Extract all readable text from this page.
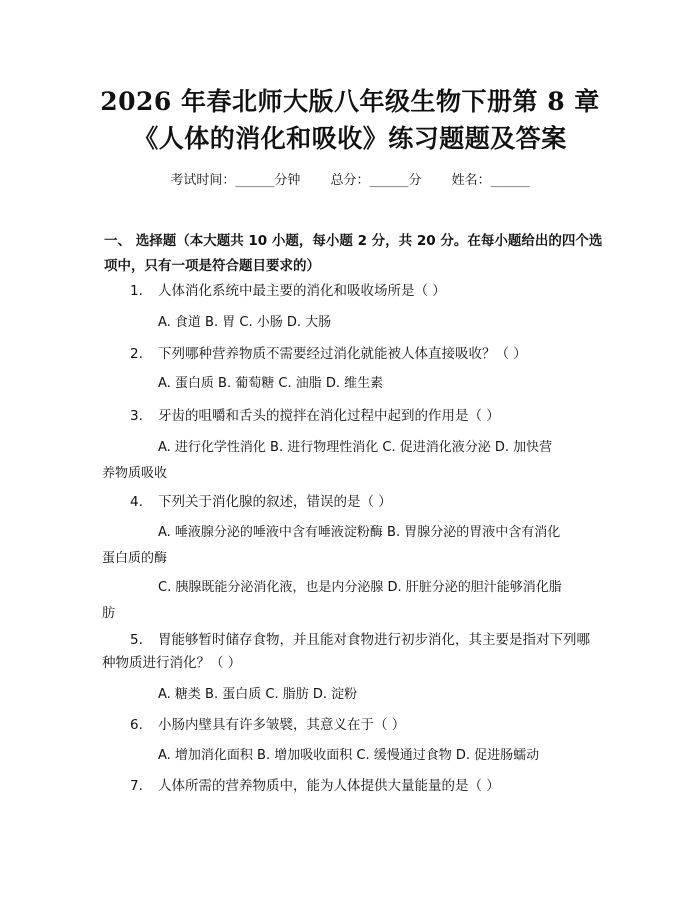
2026 年春北师大版八年级生物下册第 8 章
《人体的消化和吸收》练习题题及答案
考试时间：______分钟 总分：______分 姓名：______
一、 选择题（本大题共 10 小题，每小题 2 分，共 20 分。在每小题给出的四个选项中，只有一项是符合题目要求的）
1. 人体消化系统中最主要的消化和吸收场所是（ ）
A. 食道 B. 胃 C. 小肠 D. 大肠
2. 下列哪种营养物质不需要经过消化就能被人体直接吸收？（ ）
A. 蛋白质 B. 葡萄糖 C. 油脂 D. 维生素
3. 牙齿的咀嚼和舌头的搅拌在消化过程中起到的作用是（ ）
A. 进行化学性消化 B. 进行物理性消化 C. 促进消化液分泌 D. 加快营
养物质吸收
4. 下列关于消化腺的叙述，错误的是（ ）
A. 唾液腺分泌的唾液中含有唾液淀粉酶 B. 胃腺分泌的胃液中含有消化
蛋白质的酶
C. 胰腺既能分泌消化液，也是内分泌腺 D. 肝脏分泌的胆汁能够消化脂
肪
5. 胃能够暂时储存食物，并且能对食物进行初步消化，其主要是指对下列哪
种物质进行消化？（ ）
A. 糖类 B. 蛋白质 C. 脂肪 D. 淀粉
6. 小肠内壁具有许多皱襞，其意义在于（ ）
A. 增加消化面积 B. 增加吸收面积 C. 缓慢通过食物 D. 促进肠蠕动
7. 人体所需的营养物质中，能为人体提供大量能量的是（ ）
